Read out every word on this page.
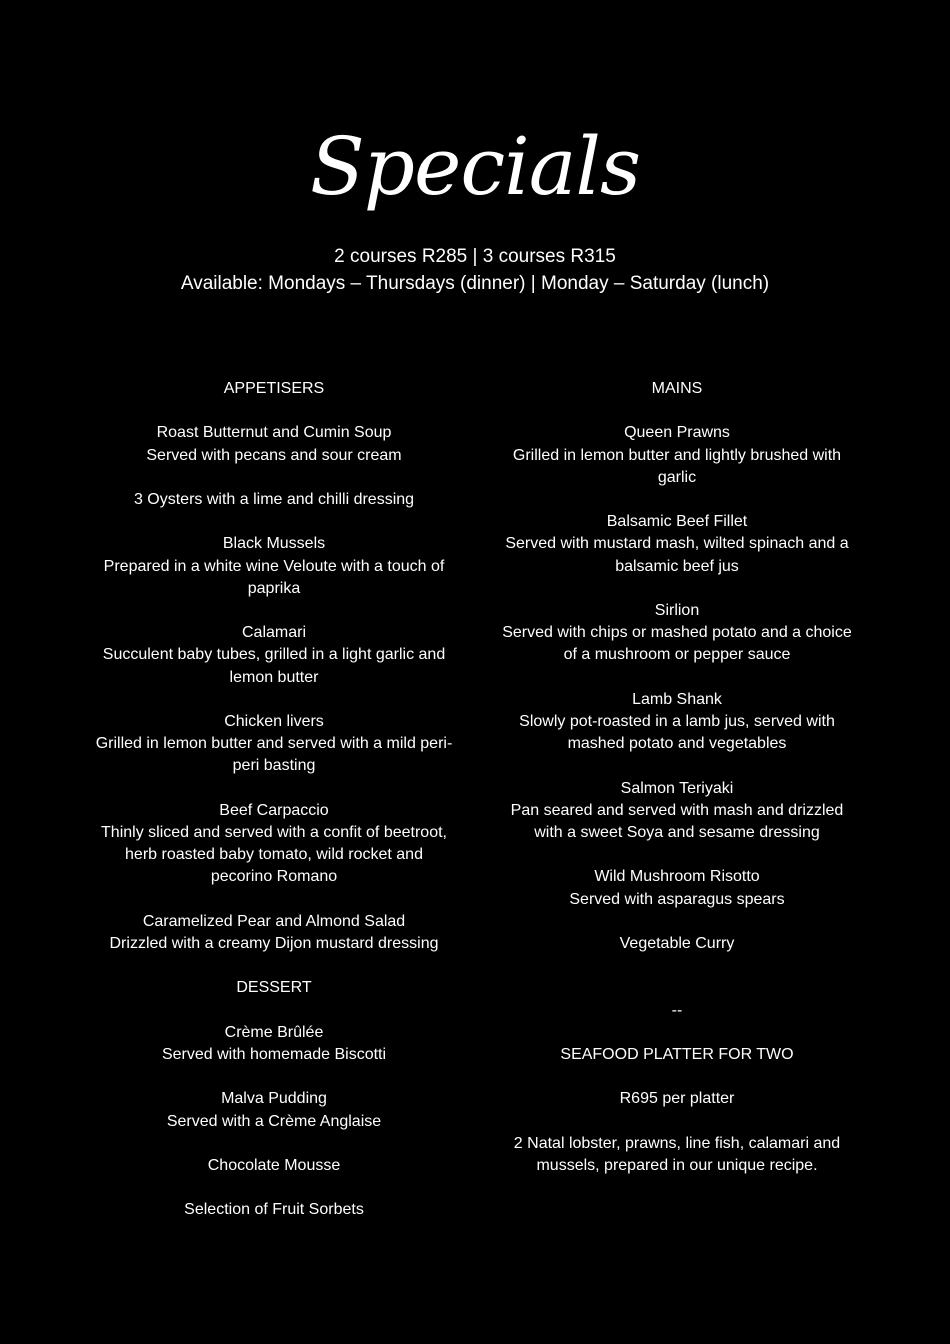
Specials
2 courses R285 | 3 courses R315
Available: Mondays – Thursdays (dinner) | Monday – Saturday (lunch)
APPETISERS
Roast Butternut and Cumin Soup
Served with pecans and sour cream
3 Oysters with a lime and chilli dressing
Black Mussels
Prepared in a white wine Veloute with a touch of paprika
Calamari
Succulent baby tubes, grilled in a light garlic and lemon butter
Chicken livers
Grilled in lemon butter and served with a mild peri-peri basting
Beef Carpaccio
Thinly sliced and served with a confit of beetroot, herb roasted baby tomato, wild rocket and pecorino Romano
Caramelized Pear and Almond Salad
Drizzled with a creamy Dijon mustard dressing
DESSERT
Crème Brûlée
Served with homemade Biscotti
Malva Pudding
Served with a Crème Anglaise
Chocolate Mousse
Selection of Fruit Sorbets
MAINS
Queen Prawns
Grilled in lemon butter and lightly brushed with garlic
Balsamic Beef Fillet
Served with mustard mash, wilted spinach and a balsamic beef jus
Sirlion
Served with chips or mashed potato and a choice of a mushroom or pepper sauce
Lamb Shank
Slowly pot-roasted in a lamb jus, served with mashed potato and vegetables
Salmon Teriyaki
Pan seared and served with mash and drizzled with a sweet Soya and sesame dressing
Wild Mushroom Risotto
Served with asparagus spears
Vegetable Curry
--
SEAFOOD PLATTER FOR TWO
R695 per platter
2 Natal lobster, prawns, line fish, calamari and mussels, prepared in our unique recipe.
